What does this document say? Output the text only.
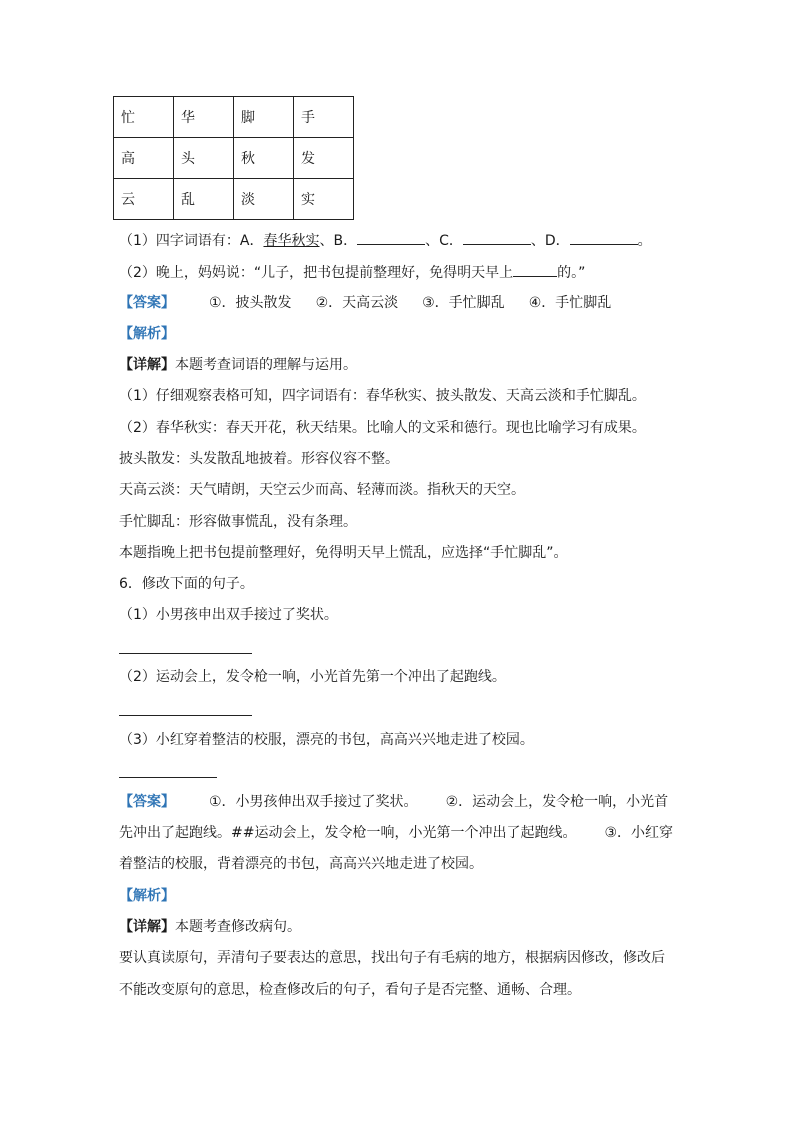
忙	华	脚	手
高	头	秋	发
云	乱	淡	实
（1）四字词语有：A．春华秋实、B．	、C．	、D．	。
（2）晚上，妈妈说：“儿子，把书包提前整理好，免得明天早上	的。”
【答案】 ①．披头散发 ②．天高云淡 ③．手忙脚乱 ④．手忙脚乱
【解析】
【详解】本题考查词语的理解与运用。
（1）仔细观察表格可知，四字词语有：春华秋实、披头散发、天高云淡和手忙脚乱。
（2）春华秋实：春天开花，秋天结果。比喻人的文采和德行。现也比喻学习有成果。
披头散发：头发散乱地披着。形容仪容不整。
天高云淡：天气晴朗，天空云少而高、轻薄而淡。指秋天的天空。
手忙脚乱：形容做事慌乱，没有条理。
本题指晚上把书包提前整理好，免得明天早上慌乱，应选择“手忙脚乱”。
6．修改下面的句子。
（1）小男孩申出双手接过了奖状。
（2）运动会上，发令枪一响，小光首先第一个冲出了起跑线。
（3）小红穿着整洁的校服，漂亮的书包，高高兴兴地走进了校园。
【答案】 ①．小男孩伸出双手接过了奖状。 ②．运动会上，发令枪一响，小光首
先冲出了起跑线。##运动会上，发令枪一响，小光第一个冲出了起跑线。 ③．小红穿
着整洁的校服，背着漂亮的书包，高高兴兴地走进了校园。
【解析】
【详解】本题考查修改病句。
要认真读原句，弄清句子要表达的意思，找出句子有毛病的地方，根据病因修改，修改后
不能改变原句的意思，检查修改后的句子，看句子是否完整、通畅、合理。
